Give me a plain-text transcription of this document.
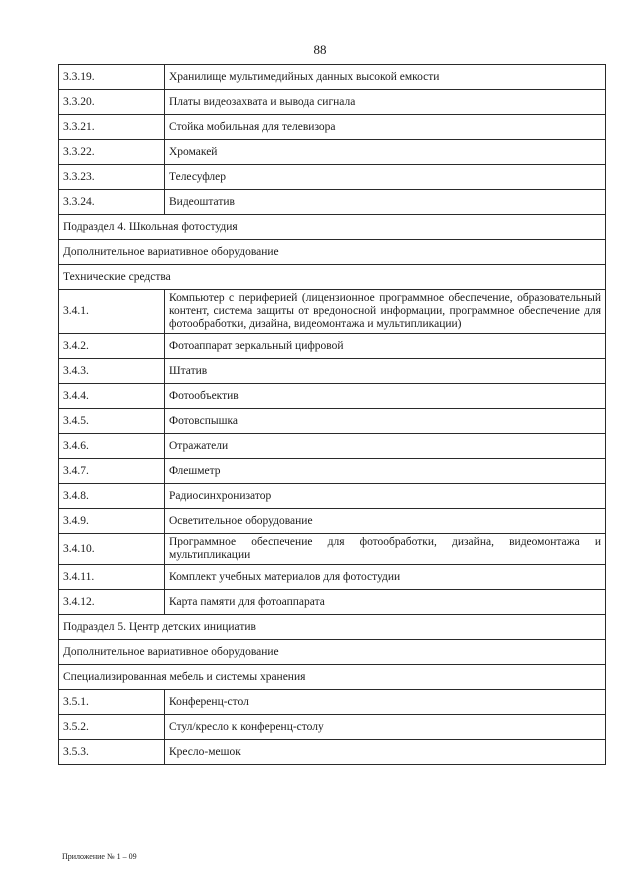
88
3.3.19.	Хранилище мультимедийных данных высокой емкости
3.3.20.	Платы видеозахвата и вывода сигнала
3.3.21.	Стойка мобильная для телевизора
3.3.22.	Хромакей
3.3.23.	Телесуфлер
3.3.24.	Видеоштатив
Подраздел 4. Школьная фотостудия	
Дополнительное вариативное оборудование	
Технические средства	
3.4.1.	Компьютер с периферией (лицензионное программное обеспечение, образовательный контент, система защиты от вредоносной информации, программное обеспечение для фотообработки, дизайна, видеомонтажа и мультипликации)
3.4.2.	Фотоаппарат зеркальный цифровой
3.4.3.	Штатив
3.4.4.	Фотообъектив
3.4.5.	Фотовспышка
3.4.6.	Отражатели
3.4.7.	Флешметр
3.4.8.	Радиосинхронизатор
3.4.9.	Осветительное оборудование
3.4.10.	Программное обеспечение для фотообработки, дизайна, видеомонтажа и мультипликации
3.4.11.	Комплект учебных материалов для фотостудии
3.4.12.	Карта памяти для фотоаппарата
Подраздел 5. Центр детских инициатив	
Дополнительное вариативное оборудование	
Специализированная мебель и системы хранения	
3.5.1.	Конференц-стол
3.5.2.	Стул/кресло к конференц-столу
3.5.3.	Кресло-мешок
Приложение № 1 – 09
